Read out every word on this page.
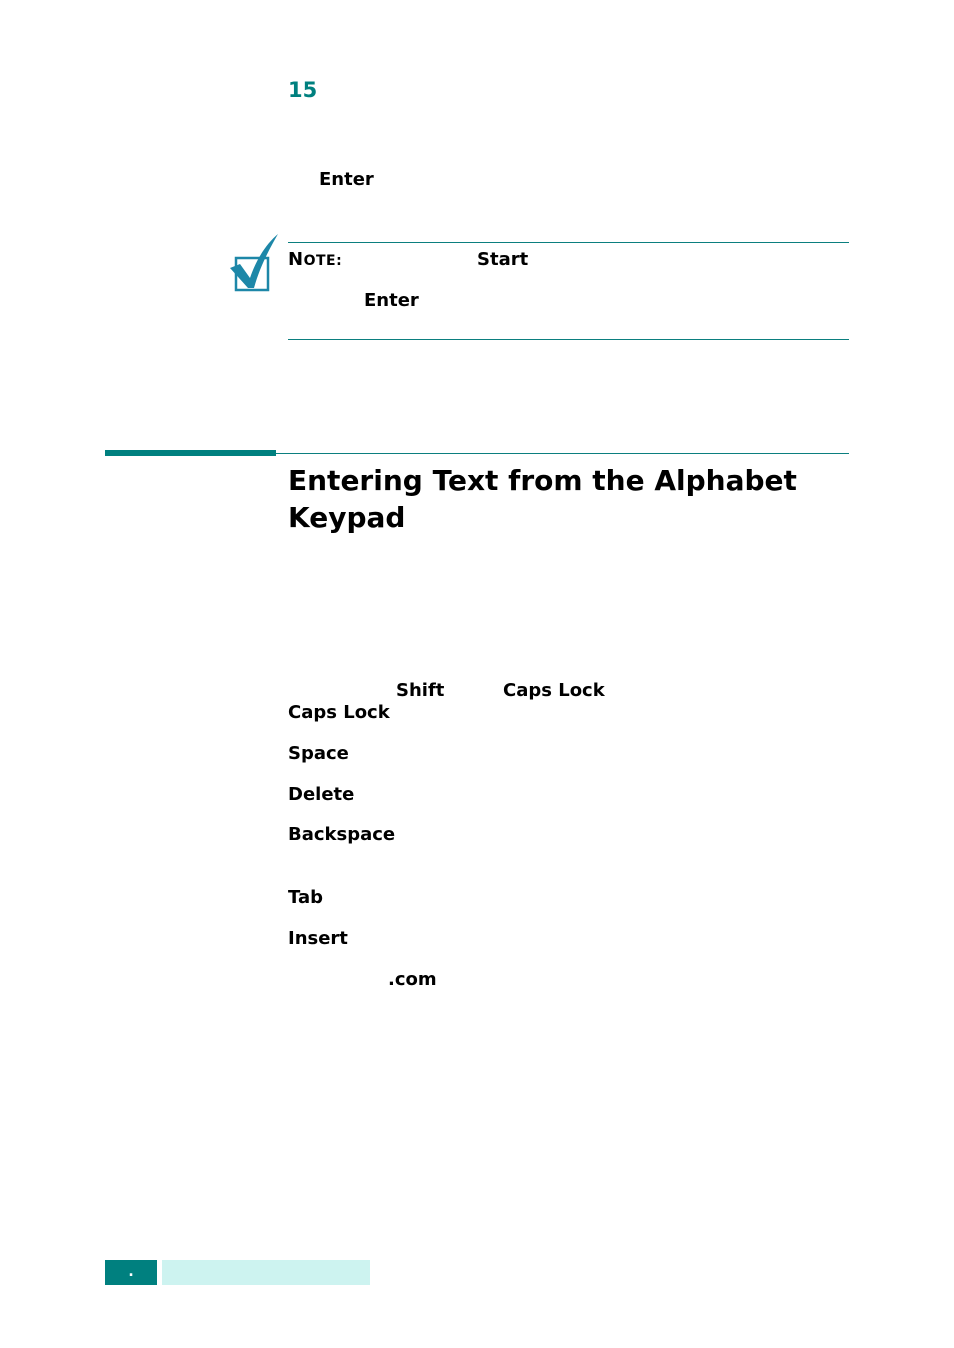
15
Enter
NOTE:	Start
Enter
Entering Text from the Alphabet Keypad
Shift	Caps Lock
Caps Lock
Space
Delete
Backspace
Tab
Insert
.com
.
